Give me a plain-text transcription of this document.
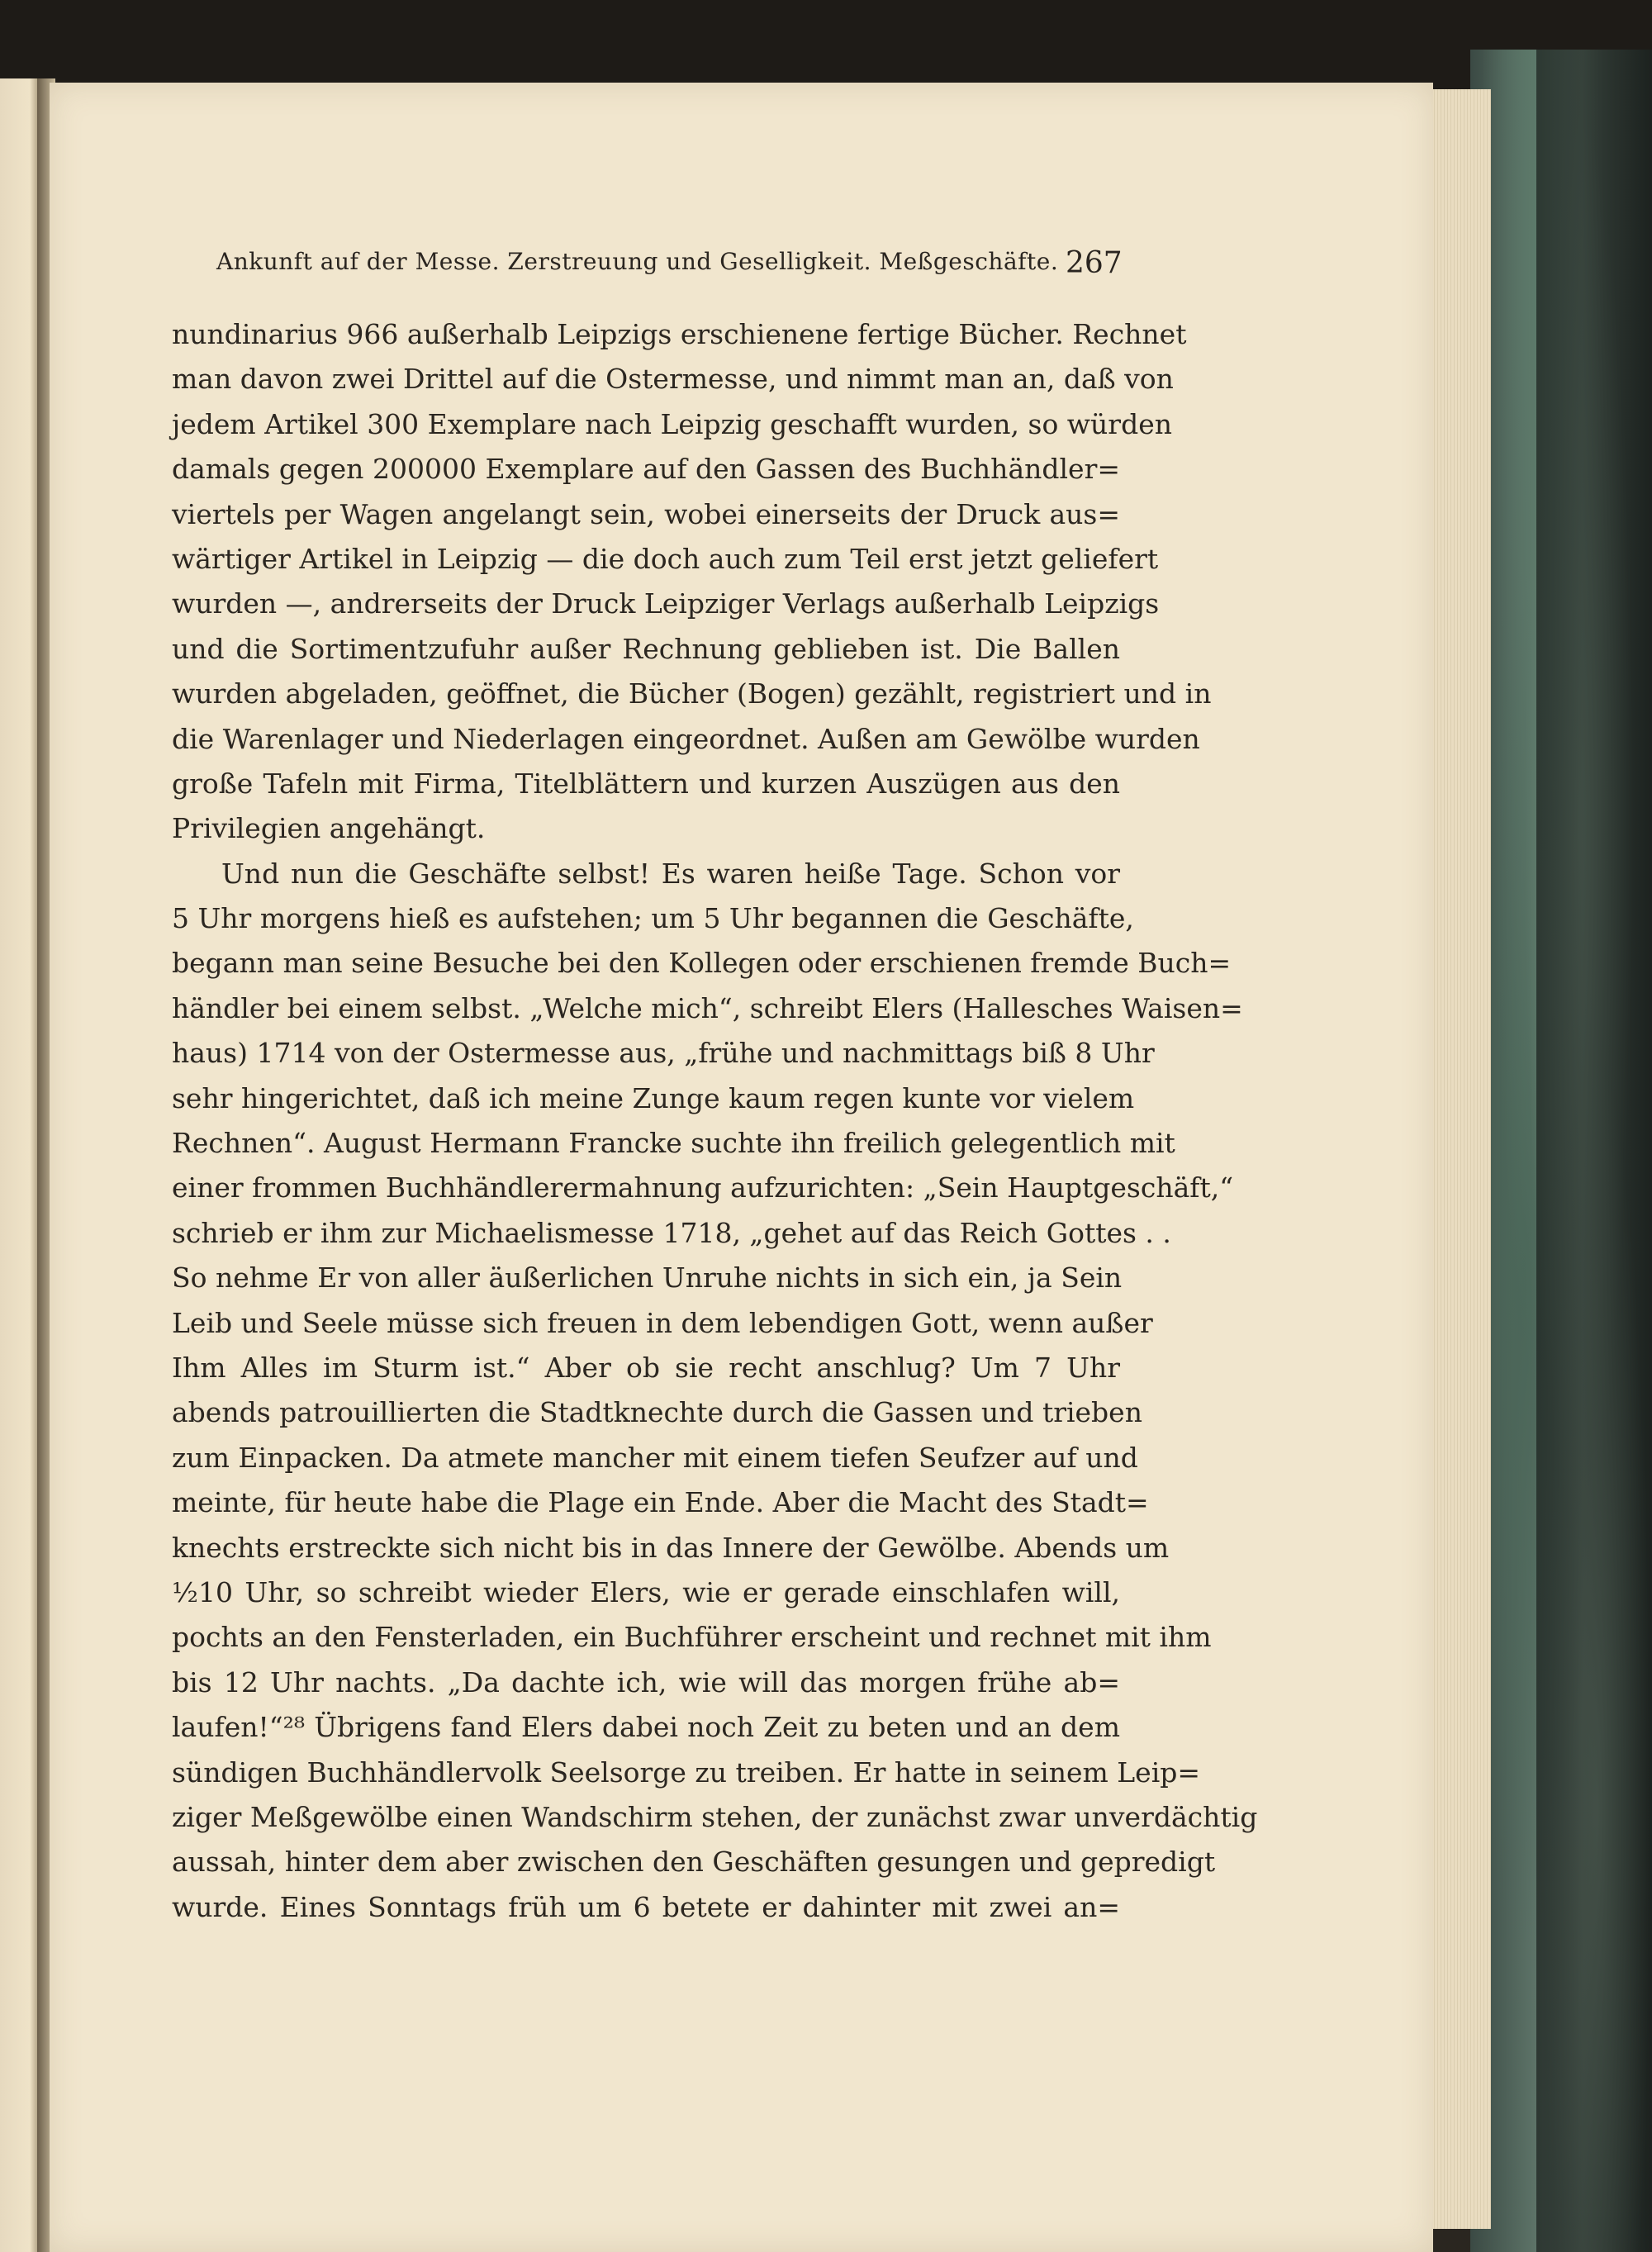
Ankunft auf der Messe. Zerstreuung und Geselligkeit. Meßgeschäfte. 267
nundinarius 966 außerhalb Leipzigs erschienene fertige Bücher. Rechnet
man davon zwei Drittel auf die Ostermesse, und nimmt man an, daß von
jedem Artikel 300 Exemplare nach Leipzig geschafft wurden, so würden
damals gegen 200000 Exemplare auf den Gassen des Buchhändler=
viertels per Wagen angelangt sein, wobei einerseits der Druck aus=
wärtiger Artikel in Leipzig — die doch auch zum Teil erst jetzt geliefert
wurden —, andrerseits der Druck Leipziger Verlags außerhalb Leipzigs
und die Sortimentzufuhr außer Rechnung geblieben ist. Die Ballen
wurden abgeladen, geöffnet, die Bücher (Bogen) gezählt, registriert und in
die Warenlager und Niederlagen eingeordnet. Außen am Gewölbe wurden
große Tafeln mit Firma, Titelblättern und kurzen Auszügen aus den
Privilegien angehängt.
Und nun die Geschäfte selbst! Es waren heiße Tage. Schon vor
5 Uhr morgens hieß es aufstehen; um 5 Uhr begannen die Geschäfte,
begann man seine Besuche bei den Kollegen oder erschienen fremde Buch=
händler bei einem selbst. „Welche mich“, schreibt Elers (Hallesches Waisen=
haus) 1714 von der Ostermesse aus, „frühe und nachmittags biß 8 Uhr
sehr hingerichtet, daß ich meine Zunge kaum regen kunte vor vielem
Rechnen“. August Hermann Francke suchte ihn freilich gelegentlich mit
einer frommen Buchhändlerermahnung aufzurichten: „Sein Hauptgeschäft,“
schrieb er ihm zur Michaelismesse 1718, „gehet auf das Reich Gottes . .
So nehme Er von aller äußerlichen Unruhe nichts in sich ein, ja Sein
Leib und Seele müsse sich freuen in dem lebendigen Gott, wenn außer
Ihm Alles im Sturm ist.“ Aber ob sie recht anschlug? Um 7 Uhr
abends patrouillierten die Stadtknechte durch die Gassen und trieben
zum Einpacken. Da atmete mancher mit einem tiefen Seufzer auf und
meinte, für heute habe die Plage ein Ende. Aber die Macht des Stadt=
knechts erstreckte sich nicht bis in das Innere der Gewölbe. Abends um
½10 Uhr, so schreibt wieder Elers, wie er gerade einschlafen will,
pochts an den Fensterladen, ein Buchführer erscheint und rechnet mit ihm
bis 12 Uhr nachts. „Da dachte ich, wie will das morgen frühe ab=
laufen!“²⁸ Übrigens fand Elers dabei noch Zeit zu beten und an dem
sündigen Buchhändlervolk Seelsorge zu treiben. Er hatte in seinem Leip=
ziger Meßgewölbe einen Wandschirm stehen, der zunächst zwar unverdächtig
aussah, hinter dem aber zwischen den Geschäften gesungen und gepredigt
wurde. Eines Sonntags früh um 6 betete er dahinter mit zwei an=
